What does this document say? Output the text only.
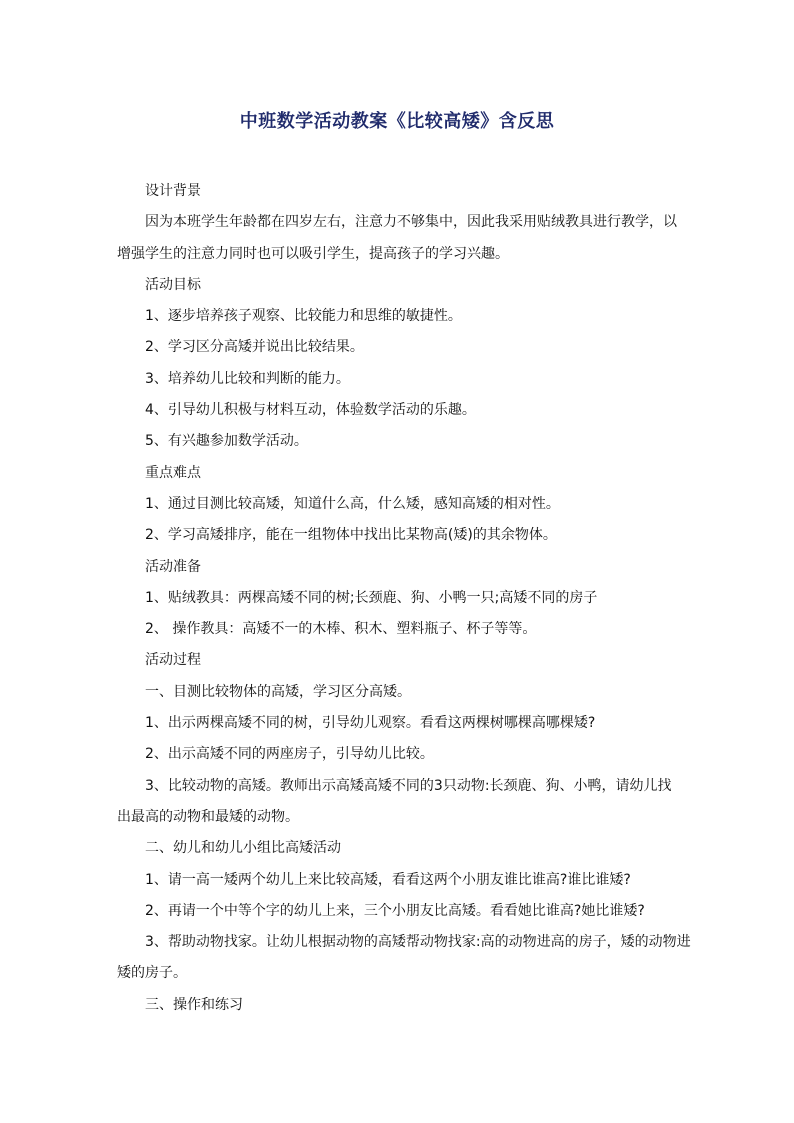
中班数学活动教案《比较高矮》含反思

设计背景

因为本班学生年龄都在四岁左右，注意力不够集中，因此我采用贴绒教具进行教学，以

增强学生的注意力同时也可以吸引学生，提高孩子的学习兴趣。

活动目标

1、逐步培养孩子观察、比较能力和思维的敏捷性。

2、学习区分高矮并说出比较结果。

3、培养幼儿比较和判断的能力。

4、引导幼儿积极与材料互动，体验数学活动的乐趣。

5、有兴趣参加数学活动。

重点难点

1、通过目测比较高矮，知道什么高，什么矮，感知高矮的相对性。

2、学习高矮排序，能在一组物体中找出比某物高(矮)的其余物体。

活动准备

1、贴绒教具：两棵高矮不同的树;长颈鹿、狗、小鸭一只;高矮不同的房子

2、 操作教具：高矮不一的木棒、积木、塑料瓶子、杯子等等。

活动过程

一、目测比较物体的高矮，学习区分高矮。

1、出示两棵高矮不同的树，引导幼儿观察。看看这两棵树哪棵高哪棵矮?

2、出示高矮不同的两座房子，引导幼儿比较。

3、比较动物的高矮。教师出示高矮高矮不同的3只动物:长颈鹿、狗、小鸭，请幼儿找

出最高的动物和最矮的动物。

二、幼儿和幼儿小组比高矮活动

1、请一高一矮两个幼儿上来比较高矮，看看这两个小朋友谁比谁高?谁比谁矮?

2、再请一个中等个字的幼儿上来，三个小朋友比高矮。看看她比谁高?她比谁矮?

3、帮助动物找家。让幼儿根据动物的高矮帮动物找家:高的动物进高的房子，矮的动物进

矮的房子。

三、操作和练习
